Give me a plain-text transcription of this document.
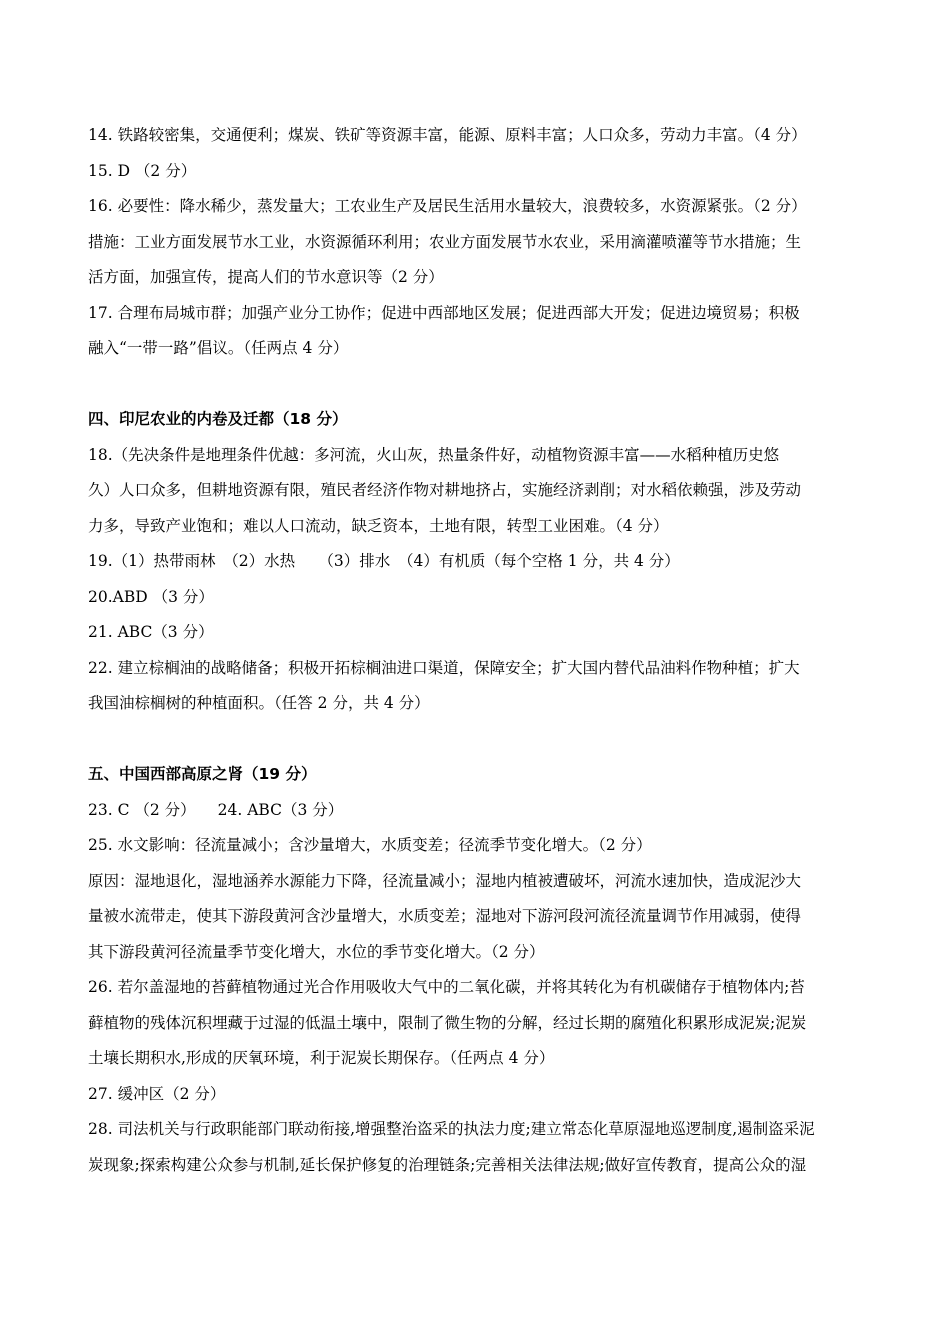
14. 铁路较密集，交通便利；煤炭、铁矿等资源丰富，能源、原料丰富；人口众多，劳动力丰富。（4 分）
15. D （2 分）
16. 必要性：降水稀少，蒸发量大；工农业生产及居民生活用水量较大，浪费较多，水资源紧张。（2 分）
措施：工业方面发展节水工业，水资源循环利用；农业方面发展节水农业，采用滴灌喷灌等节水措施；生
活方面，加强宣传，提高人们的节水意识等（2 分）
17. 合理布局城市群；加强产业分工协作；促进中西部地区发展；促进西部大开发；促进边境贸易；积极
融入“一带一路”倡议。（任两点 4 分）
四、印尼农业的内卷及迁都（18 分）
18.（先决条件是地理条件优越：多河流，火山灰，热量条件好，动植物资源丰富——水稻种植历史悠
久）人口众多，但耕地资源有限，殖民者经济作物对耕地挤占，实施经济剥削；对水稻依赖强，涉及劳动
力多，导致产业饱和；难以人口流动，缺乏资本，土地有限，转型工业困难。（4 分）
19.（1）热带雨林　（2）水热　　（3）排水　（4）有机质（每个空格 1 分，共 4 分）
20.ABD （3 分）
21. ABC（3 分）
22. 建立棕榈油的战略储备；积极开拓棕榈油进口渠道，保障安全；扩大国内替代品油料作物种植；扩大
我国油棕榈树的种植面积。（任答 2 分，共 4 分）
五、中国西部高原之肾（19 分）
23. C （2 分） 24. ABC（3 分）
25. 水文影响：径流量减小；含沙量增大，水质变差；径流季节变化增大。（2 分）
原因：湿地退化，湿地涵养水源能力下降，径流量减小；湿地内植被遭破坏，河流水速加快，造成泥沙大
量被水流带走，使其下游段黄河含沙量增大，水质变差；湿地对下游河段河流径流量调节作用减弱，使得
其下游段黄河径流量季节变化增大，水位的季节变化增大。（2 分）
26. 若尔盖湿地的苔藓植物通过光合作用吸收大气中的二氧化碳，并将其转化为有机碳储存于植物体内;苔
藓植物的残体沉积埋藏于过湿的低温土壤中，限制了微生物的分解，经过长期的腐殖化积累形成泥炭;泥炭
土壤长期积水,形成的厌氧环境，利于泥炭长期保存。（任两点 4 分）
27. 缓冲区（2 分）
28. 司法机关与行政职能部门联动衔接,增强整治盗采的执法力度;建立常态化草原湿地巡逻制度,遏制盗采泥
炭现象;探索构建公众参与机制,延长保护修复的治理链条;完善相关法律法规;做好宣传教育，提高公众的湿
